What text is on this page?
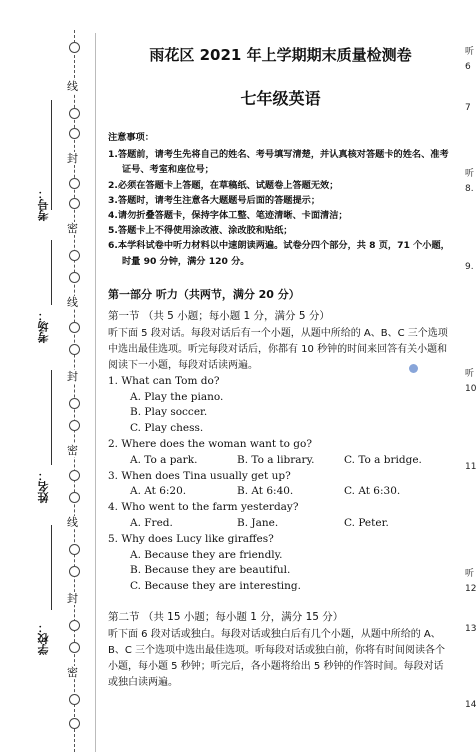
考号：
考场：
姓名：
学校：
线
封
密
线
封
密
线
封
密
雨花区 2021 年上学期期末质量检测卷
七年级英语
注意事项：
1.答题前，请考生先将自己的姓名、考号填写清楚，并认真核对答题卡的姓名、准考证号、考室和座位号；
2.必须在答题卡上答题，在草稿纸、试题卷上答题无效；
3.答题时，请考生注意各大题题号后面的答题提示；
4.请勿折叠答题卡，保持字体工整、笔迹清晰、卡面清洁；
5.答题卡上不得使用涂改液、涂改胶和贴纸；
6.本学科试卷中听力材料以中速朗读两遍。试卷分四个部分，共 8 页，71 个小题，时量 90 分钟，满分 120 分。
第一部分 听力（共两节，满分 20 分）
第一节 （共 5 小题；每小题 1 分，满分 5 分）
听下面 5 段对话。每段对话后有一个小题，从题中所给的 A、B、C 三个选项中选出最佳选项。听完每段对话后，你都有 10 秒钟的时间来回答有关小题和阅读下一小题，每段对话读两遍。
1. What can Tom do?
A. Play the piano.
B. Play soccer.
C. Play chess.
2. Where does the woman want to go?
A. To a park.	B. To a library.	C. To a bridge.
3. When does Tina usually get up?
A. At 6:20.	B. At 6:40.	C. At 6:30.
4. Who went to the farm yesterday?
A. Fred.	B. Jane.	C. Peter.
5. Why does Lucy like giraffes?
A. Because they are friendly.
B. Because they are beautiful.
C. Because they are interesting.
第二节 （共 15 小题；每小题 1 分，满分 15 分）
听下面 6 段对话或独白。每段对话或独白后有几个小题，从题中所给的 A、B、C 三个选项中选出最佳选项。听每段对话或独白前，你将有时间阅读各个小题，每小题 5 秒钟；听完后，各小题将给出 5 秒钟的作答时间。每段对话或独白读两遍。
听
6
7
听
8.
9.
听
10
11
听
12
13
14
